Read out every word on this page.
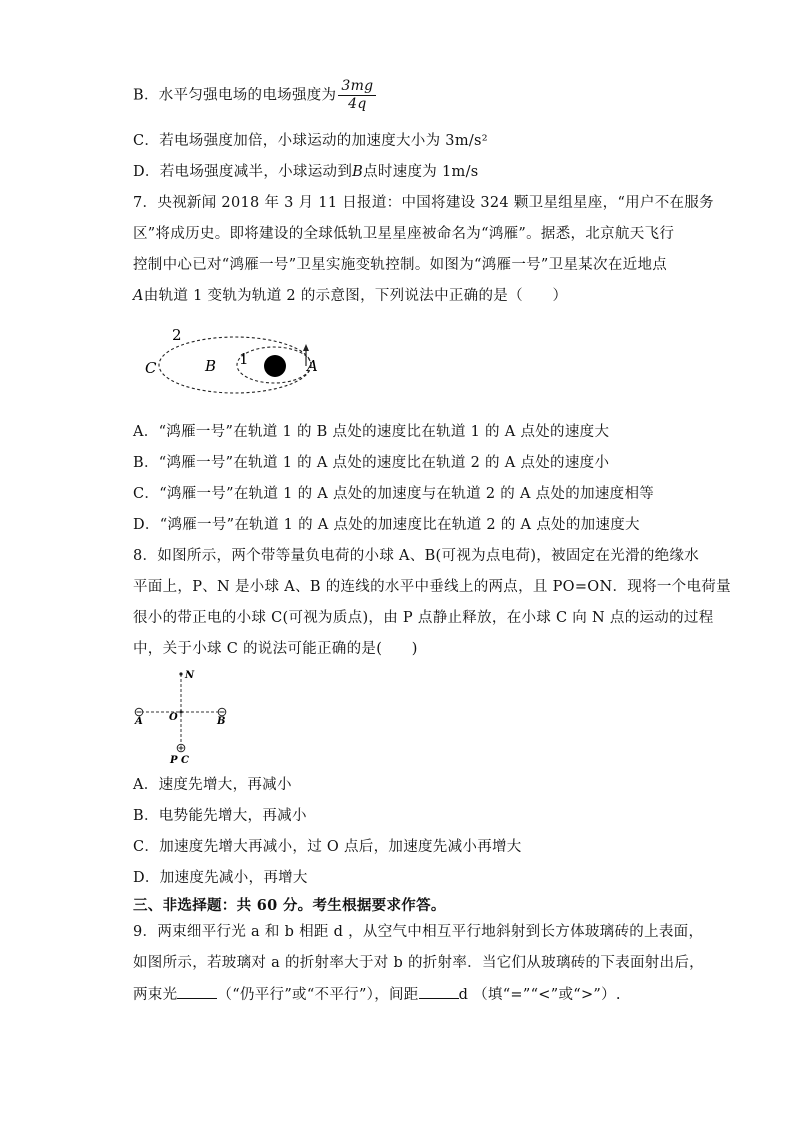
B．水平匀强电场的电场强度为 $\frac{3mg}{4q}$
C．若电场强度加倍，小球运动的加速度大小为 3m/s²
D．若电场强度减半，小球运动到B点时速度为 1m/s
7．央视新闻 2018 年 3 月 11 日报道：中国将建设 324 颗卫星组星座，“用户不在服务
区”将成历史。即将建设的全球低轨卫星星座被命名为“鸿雁”。据悉，北京航天飞行
控制中心已对“鸿雁一号”卫星实施变轨控制。如图为“鸿雁一号”卫星某次在近地点
A由轨道 1 变轨为轨道 2 的示意图，下列说法中正确的是（　　）
2
1
C	B	A
A．“鸿雁一号”在轨道 1 的 B 点处的速度比在轨道 1 的 A 点处的速度大
B．“鸿雁一号”在轨道 1 的 A 点处的速度比在轨道 2 的 A 点处的速度小
C．“鸿雁一号”在轨道 1 的 A 点处的加速度与在轨道 2 的 A 点处的加速度相等
D．“鸿雁一号”在轨道 1 的 A 点处的加速度比在轨道 2 的 A 点处的加速度大
8．如图所示，两个带等量负电荷的小球 A、B(可视为点电荷)，被固定在光滑的绝缘水
平面上，P、N 是小球 A、B 的连线的水平中垂线上的两点，且 PO=ON．现将一个电荷量
很小的带正电的小球 C(可视为质点)，由 P 点静止释放，在小球 C 向 N 点的运动的过程
中，关于小球 C 的说法可能正确的是(　　)
N
A	O	B
P C
A．速度先增大，再减小
B．电势能先增大，再减小
C．加速度先增大再减小，过 O 点后，加速度先减小再增大
D．加速度先减小，再增大
三、非选择题：共 60 分。考生根据要求作答。
9．两束细平行光 a 和 b 相距 d ，从空气中相互平行地斜射到长方体玻璃砖的上表面，
如图所示，若玻璃对 a 的折射率大于对 b 的折射率．当它们从玻璃砖的下表面射出后，
两束光	（“仍平行”或“不平行”），间距	d （填“=”“<”或“>”）.
